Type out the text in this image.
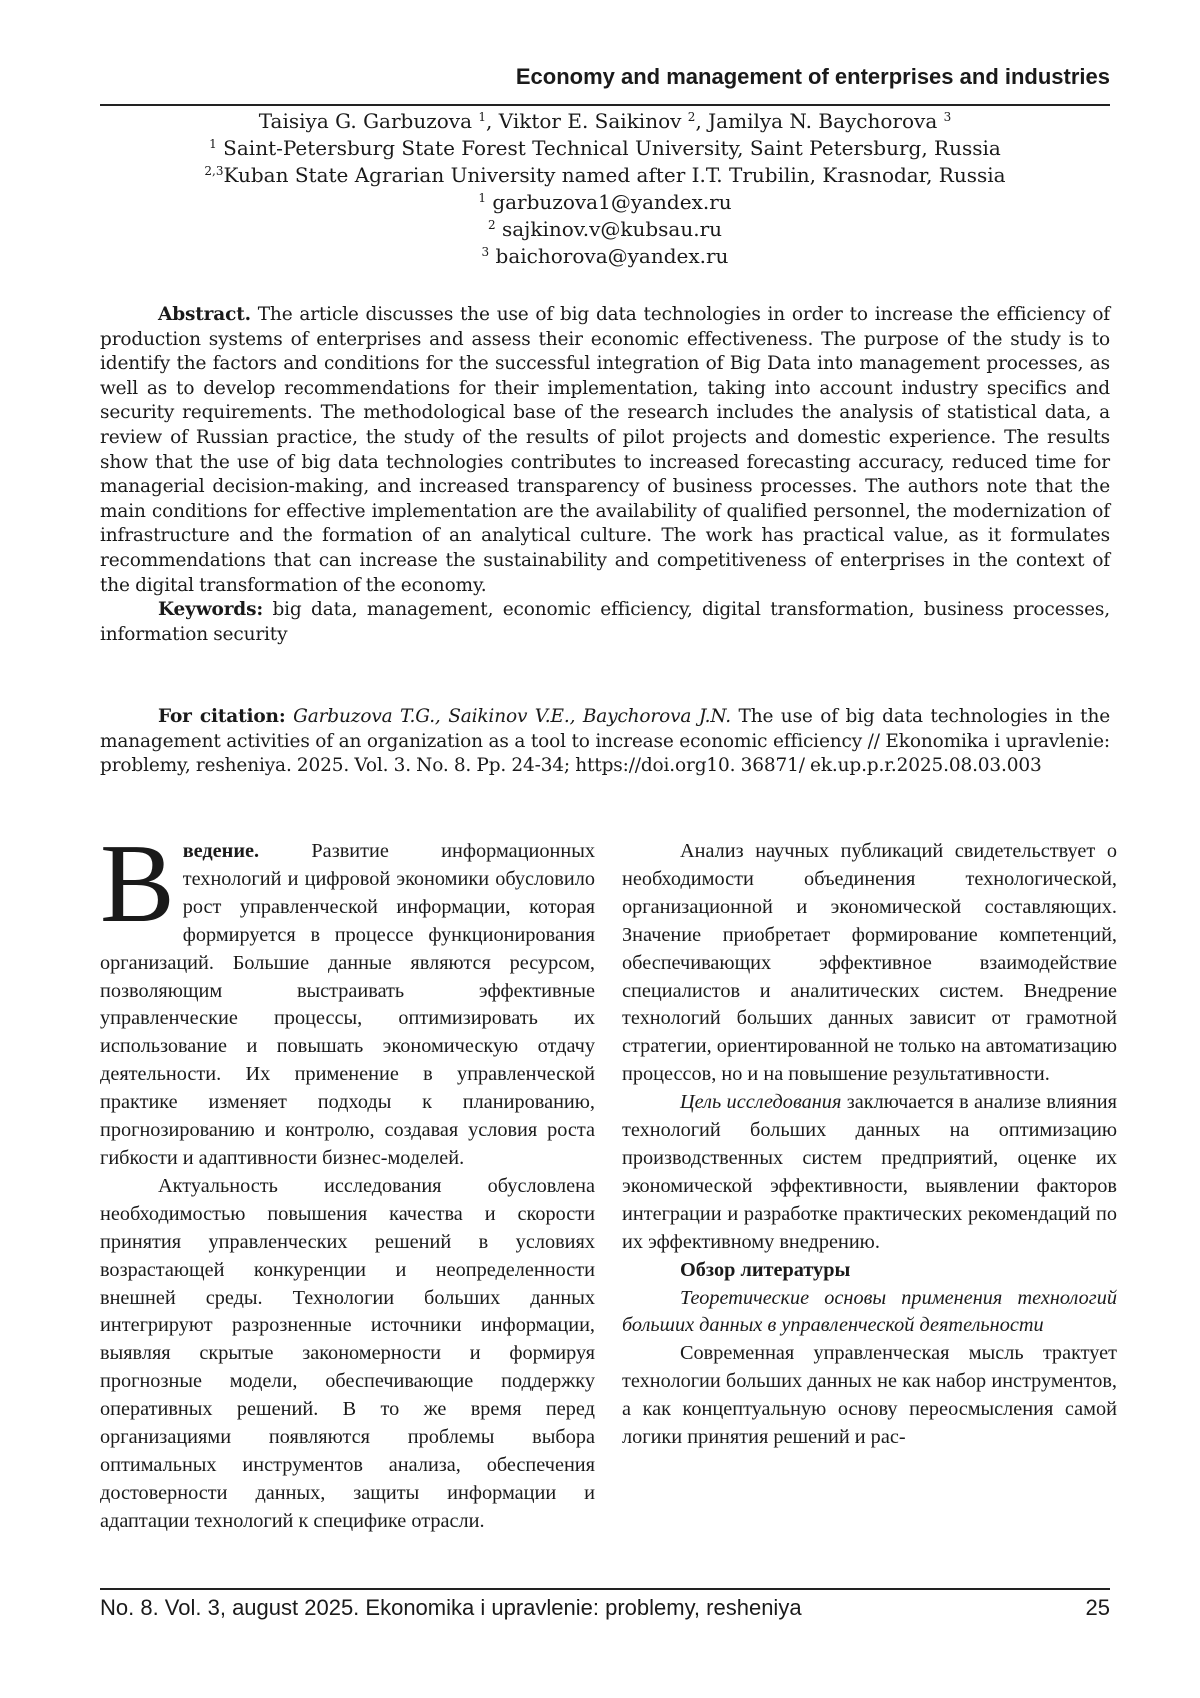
Economy and management of enterprises and industries
Taisiya G. Garbuzova $^1$, Viktor E. Saikinov $^2$, Jamilya N. Baychorova $^3$
$^1$ Saint-Petersburg State Forest Technical University, Saint Petersburg, Russia
$^{2,3}$Kuban State Agrarian University named after I.T. Trubilin, Krasnodar, Russia
$^1$ garbuzova1@yandex.ru
$^2$ sajkinov.v@kubsau.ru
$^3$ baichorova@yandex.ru

Abstract. The article discusses the use of big data technologies in order to increase the efficiency of production systems of enterprises and assess their economic effectiveness. The purpose of the study is to identify the factors and conditions for the successful integration of Big Data into management processes, as well as to develop recommendations for their implementation, taking into account industry specifics and security requirements. The methodological base of the research includes the analysis of statistical data, a review of Russian practice, the study of the results of pilot projects and domestic experience. The results show that the use of big data technologies contributes to increased forecasting accuracy, reduced time for managerial decision-making, and increased transparency of business processes. The authors note that the main conditions for effective implementation are the availability of qualified personnel, the modernization of infrastructure and the formation of an analytical culture. The work has practical value, as it formulates recommendations that can increase the sustainability and competitiveness of enterprises in the context of the digital transformation of the economy.

Keywords: big data, management, economic efficiency, digital transformation, business processes, information security

For citation: Garbuzova T.G., Saikinov V.E., Baychorova J.N. The use of big data technologies in the management activities of an organization as a tool to increase economic efficiency // Ekonomika i upravlenie: problemy, resheniya. 2025. Vol. 3. No. 8. Pp. 24-34; https://doi.org10. 36871/ ek.up.p.r.2025.08.03.003

Введение.	Развитие информационных технологий и цифровой экономики обусловило рост управленческой информации, которая формируется в процессе функционирования организаций. Большие данные являются ресурсом, позволяющим выстраивать эффективные управленческие процессы, оптимизировать их использование и повышать экономическую отдачу деятельности. Их применение в управленческой практике изменяет подходы к планированию, прогнозированию и контролю, создавая условия роста гибкости и адаптивности бизнес-моделей.

Актуальность исследования обусловлена необходимостью повышения качества и скорости принятия управленческих решений в условиях возрастающей конкуренции и неопределенности внешней среды. Технологии больших данных интегрируют разрозненные источники информации, выявляя скрытые закономерности и формируя прогнозные модели, обеспечивающие поддержку оперативных решений. В то же время перед организациями появляются проблемы выбора оптимальных инструментов анализа, обеспечения достоверности данных, защиты информации и адаптации технологий к специфике отрасли.

Анализ научных публикаций свидетельствует о необходимости объединения технологической, организационной и экономической составляющих. Значение приобретает формирование компетенций, обеспечивающих эффективное взаимодействие специалистов и аналитических систем. Внедрение технологий больших данных зависит от грамотной стратегии, ориентированной не только на автоматизацию процессов, но и на повышение результативности.

Цель исследования заключается в анализе влияния технологий больших данных на оптимизацию производственных систем предприятий, оценке их экономической эффективности, выявлении факторов интеграции и разработке практических рекомендаций по их эффективному внедрению.

Обзор литературы

Теоретические основы применения технологий больших данных в управленческой деятельности

Современная управленческая мысль трактует технологии больших данных не как набор инструментов, а как концептуальную основу переосмысления самой логики принятия решений и рас-

No. 8. Vol. 3, august 2025. Ekonomika i upravlenie: problemy, resheniya	25
